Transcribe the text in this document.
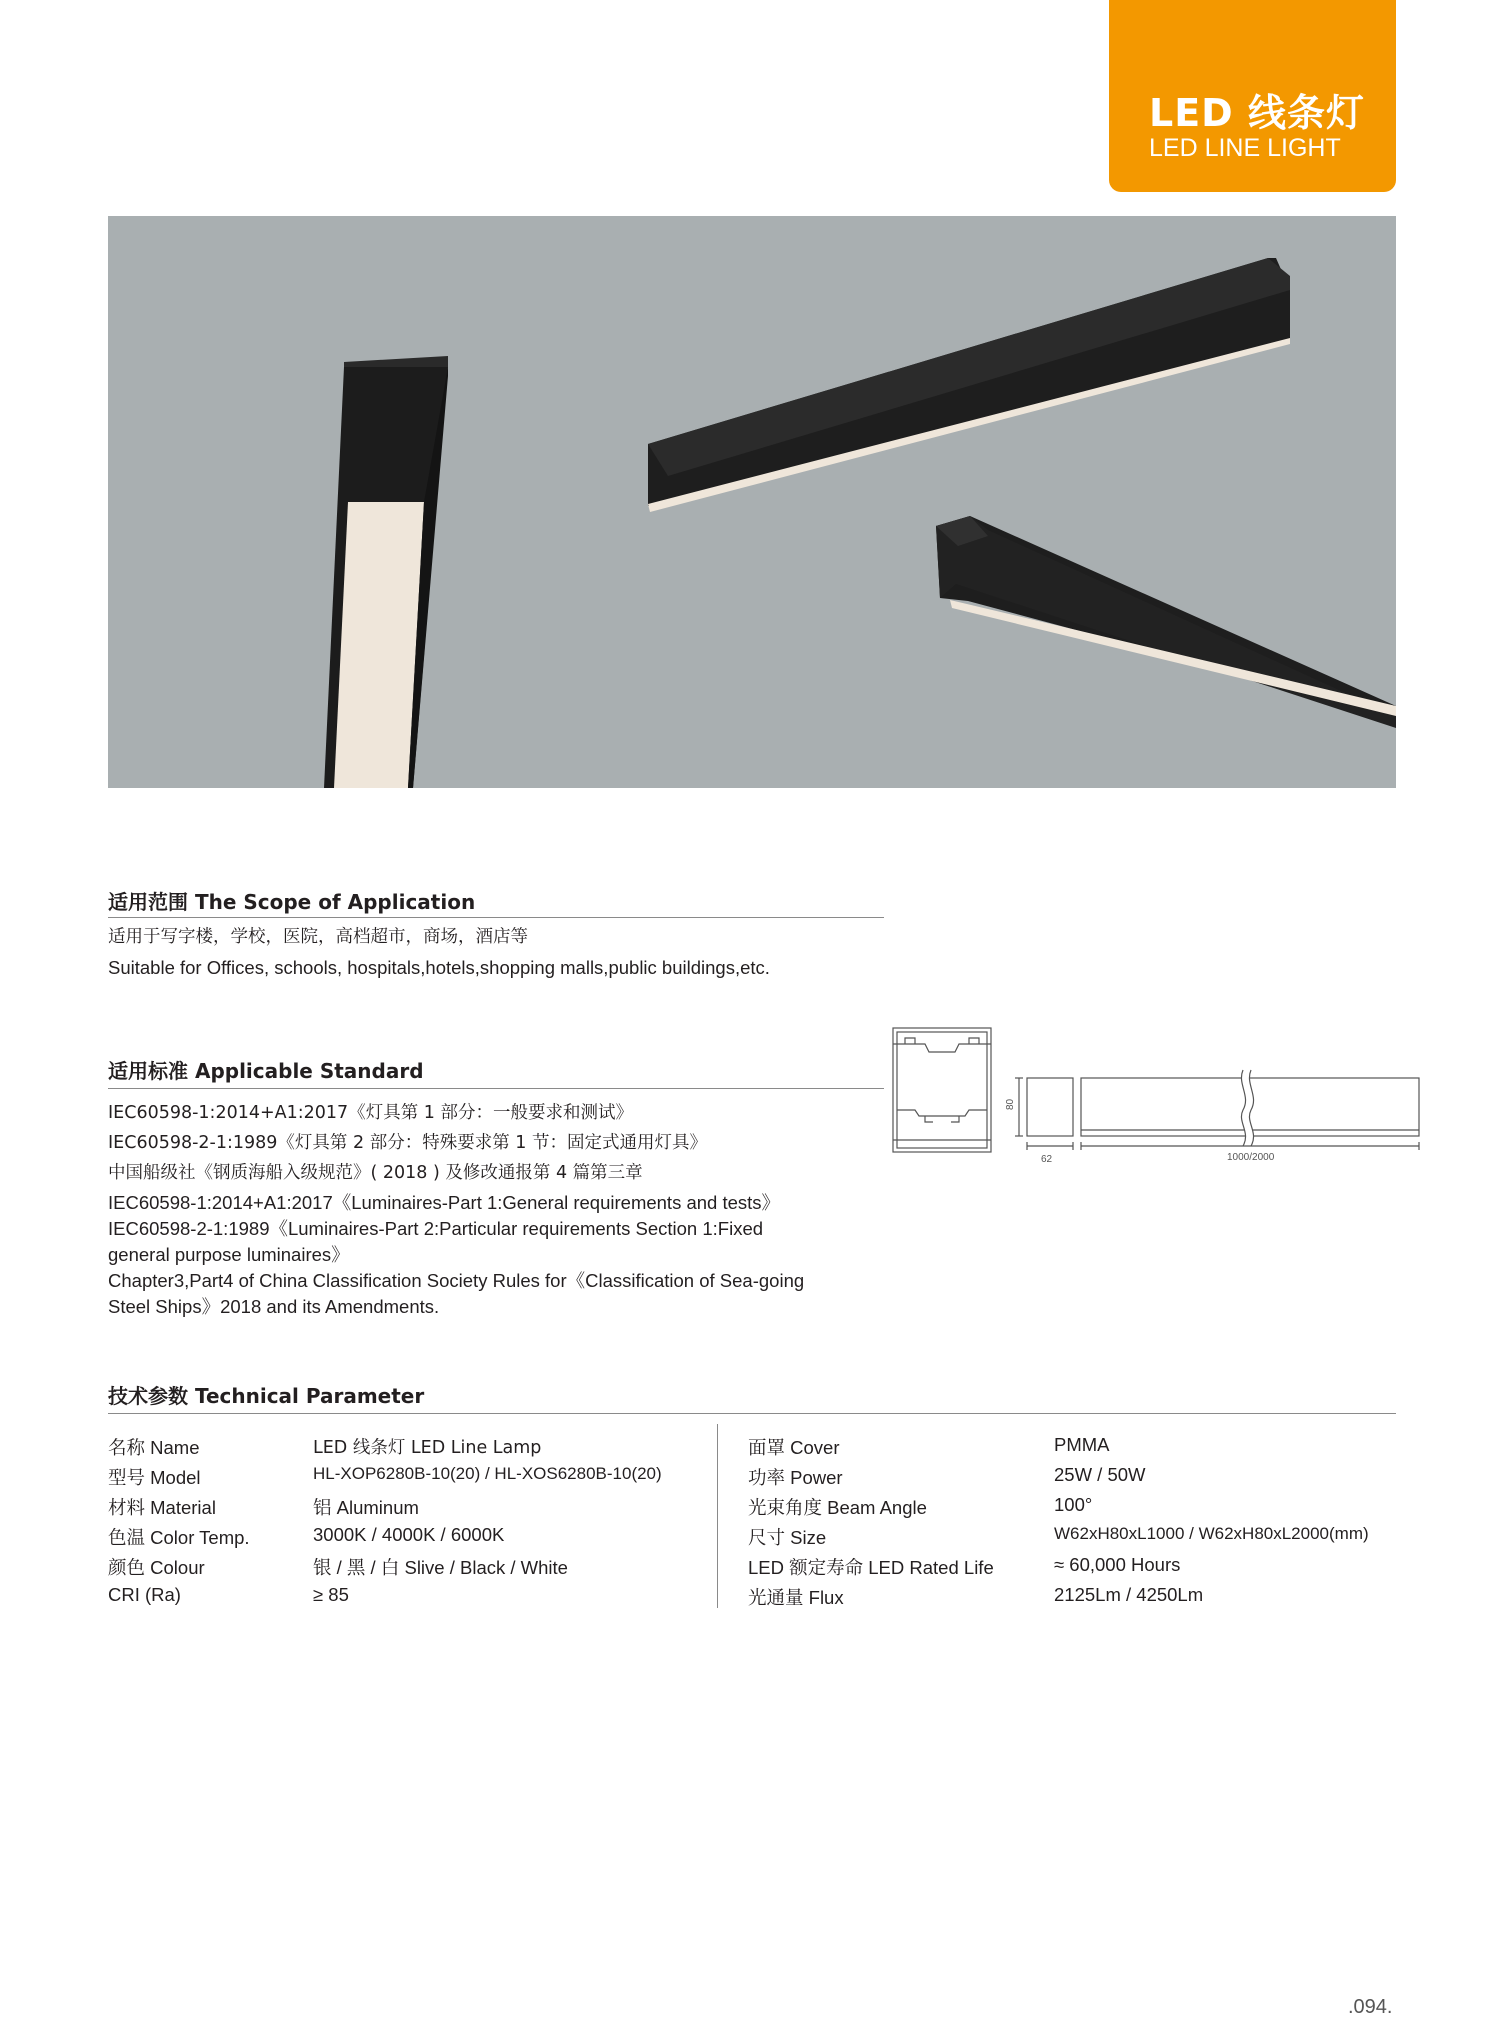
LED 线条灯
LED LINE LIGHT
适用范围 The Scope of Application
适用于写字楼，学校，医院，高档超市，商场，酒店等
Suitable for Offices, schools, hospitals,hotels,shopping malls,public buildings,etc.
适用标准 Applicable Standard
IEC60598-1:2014+A1:2017《灯具第 1 部分：一般要求和测试》
IEC60598-2-1:1989《灯具第 2 部分：特殊要求第 1 节：固定式通用灯具》
中国船级社《钢质海船入级规范》( 2018 ) 及修改通报第 4 篇第三章
IEC60598-1:2014+A1:2017《Luminaires-Part 1:General requirements and tests》
IEC60598-2-1:1989《Luminaires-Part 2:Particular requirements Section 1:Fixed
general purpose luminaires》
Chapter3,Part4 of China Classification Society Rules for《Classification of Sea-going
Steel Ships》2018 and its Amendments.
80
62	1000/2000
技术参数 Technical Parameter
名称 Name	LED 线条灯 LED Line Lamp	面罩 Cover	PMMA
型号 Model	HL-XOP6280B-10(20) / HL-XOS6280B-10(20)	功率 Power	25W / 50W
材料 Material	铝 Aluminum	光束角度 Beam Angle	100°
色温 Color Temp.	3000K / 4000K / 6000K	尺寸 Size	W62xH80xL1000 / W62xH80xL2000(mm)
颜色 Colour	银 / 黑 / 白 Slive / Black / White	LED 额定寿命 LED Rated Life	≈ 60,000 Hours
CRI (Ra)	≥ 85	光通量 Flux	2125Lm / 4250Lm
.094.
